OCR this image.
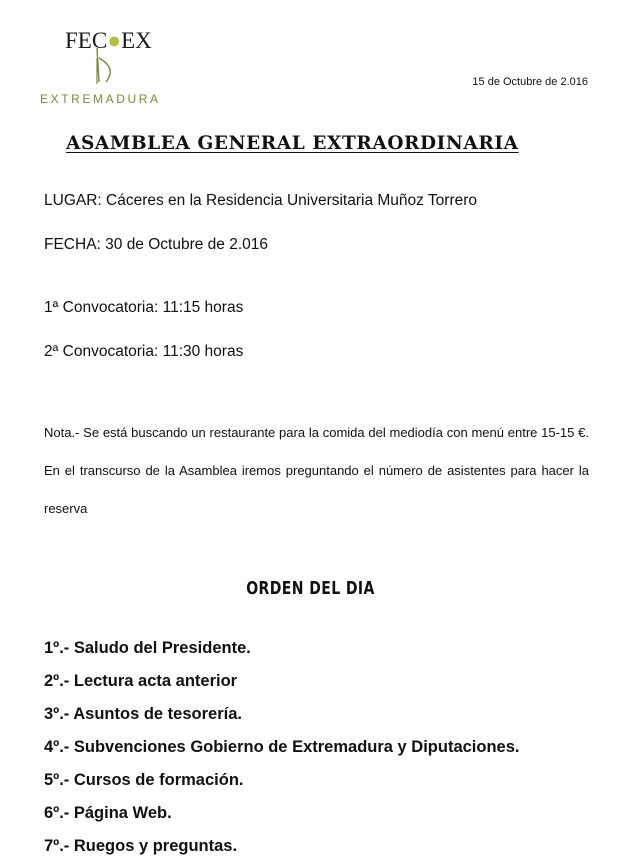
FEC●EX
EXTREMADURA
15 de Octubre de 2.016
ASAMBLEA GENERAL EXTRAORDINARIA
LUGAR: Cáceres en la Residencia Universitaria Muñoz Torrero
FECHA: 30 de Octubre de 2.016
1ª Convocatoria: 11:15 horas
2ª Convocatoria: 11:30 horas
Nota.- Se está buscando un restaurante para la comida del mediodía con menú entre 15-15 €. En el transcurso de la Asamblea iremos preguntando el número de asistentes para hacer la reserva
ORDEN DEL DIA
1º.- Saludo del Presidente.
2º.- Lectura acta anterior
3º.- Asuntos de tesorería.
4º.- Subvenciones Gobierno de Extremadura y Diputaciones.
5º.- Cursos de formación.
6º.- Página Web.
7º.- Ruegos y preguntas.
